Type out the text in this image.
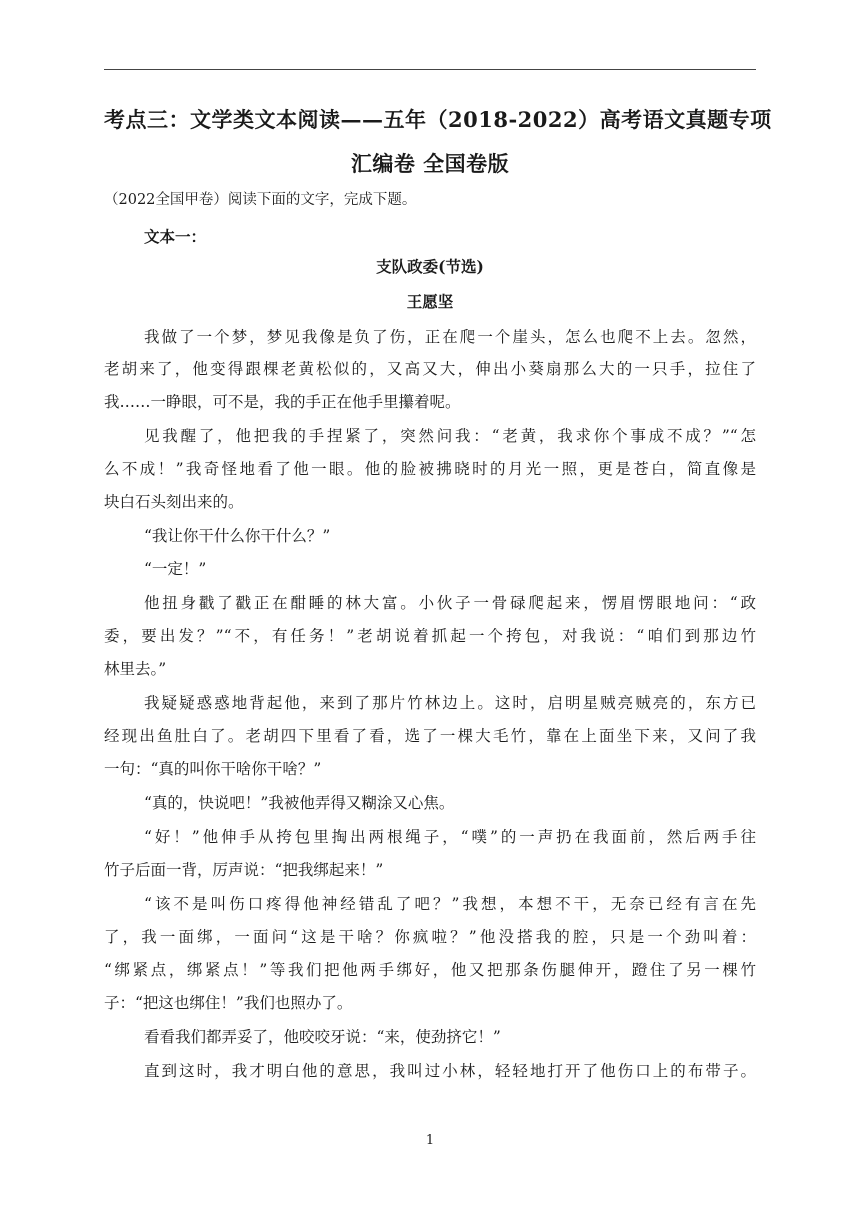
考点三：文学类文本阅读——五年（2018-2022）高考语文真题专项
汇编卷 全国卷版
（2022全国甲卷）阅读下面的文字，完成下题。
文本一：
支队政委(节选)
王愿坚
我做了一个梦，梦见我像是负了伤，正在爬一个崖头，怎么也爬不上去。忽然，
老胡来了，他变得跟棵老黄松似的，又高又大，伸出小葵扇那么大的一只手，拉住了
我……一睁眼，可不是，我的手正在他手里攥着呢。
见我醒了，他把我的手捏紧了，突然问我：“老黄，我求你个事成不成？”“怎
么不成！”我奇怪地看了他一眼。他的脸被拂晓时的月光一照，更是苍白，简直像是
块白石头刻出来的。
“我让你干什么你干什么？”
“一定！”
他扭身戳了戳正在酣睡的林大富。小伙子一骨碌爬起来，愣眉愣眼地问：“政
委，要出发？”“不，有任务！”老胡说着抓起一个挎包，对我说：“咱们到那边竹
林里去。”
我疑疑惑惑地背起他，来到了那片竹林边上。这时，启明星贼亮贼亮的，东方已
经现出鱼肚白了。老胡四下里看了看，选了一棵大毛竹，靠在上面坐下来，又问了我
一句：“真的叫你干啥你干啥？”
“真的，快说吧！”我被他弄得又糊涂又心焦。
“好！”他伸手从挎包里掏出两根绳子，“噗”的一声扔在我面前，然后两手往
竹子后面一背，厉声说：“把我绑起来！”
“该不是叫伤口疼得他神经错乱了吧？”我想，本想不干，无奈已经有言在先
了，我一面绑，一面问“这是干啥？你疯啦？”他没搭我的腔，只是一个劲叫着：
“绑紧点，绑紧点！”等我们把他两手绑好，他又把那条伤腿伸开，蹬住了另一棵竹
子：“把这也绑住！”我们也照办了。
看看我们都弄妥了，他咬咬牙说：“来，使劲挤它！”
直到这时，我才明白他的意思，我叫过小林，轻轻地打开了他伤口上的布带子。
1
